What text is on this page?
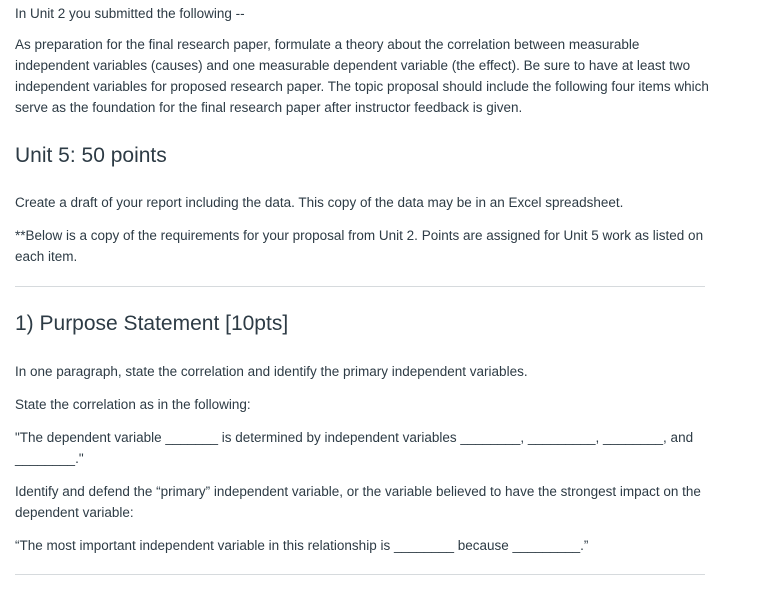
In Unit 2 you submitted the following --

As preparation for the final research paper, formulate a theory about the correlation between measurable independent variables (causes) and one measurable dependent variable (the effect). Be sure to have at least two independent variables for proposed research paper. The topic proposal should include the following four items which serve as the foundation for the final research paper after instructor feedback is given.

Unit 5: 50 points

Create a draft of your report including the data. This copy of the data may be in an Excel spreadsheet.

**Below is a copy of the requirements for your proposal from Unit 2. Points are assigned for Unit 5 work as listed on each item.

1) Purpose Statement [10pts]

In one paragraph, state the correlation and identify the primary independent variables.

State the correlation as in the following:

"The dependent variable _______ is determined by independent variables ________, _________, ________, and ________."

Identify and defend the “primary” independent variable, or the variable believed to have the strongest impact on the dependent variable:

“The most important independent variable in this relationship is ________ because _________.”
